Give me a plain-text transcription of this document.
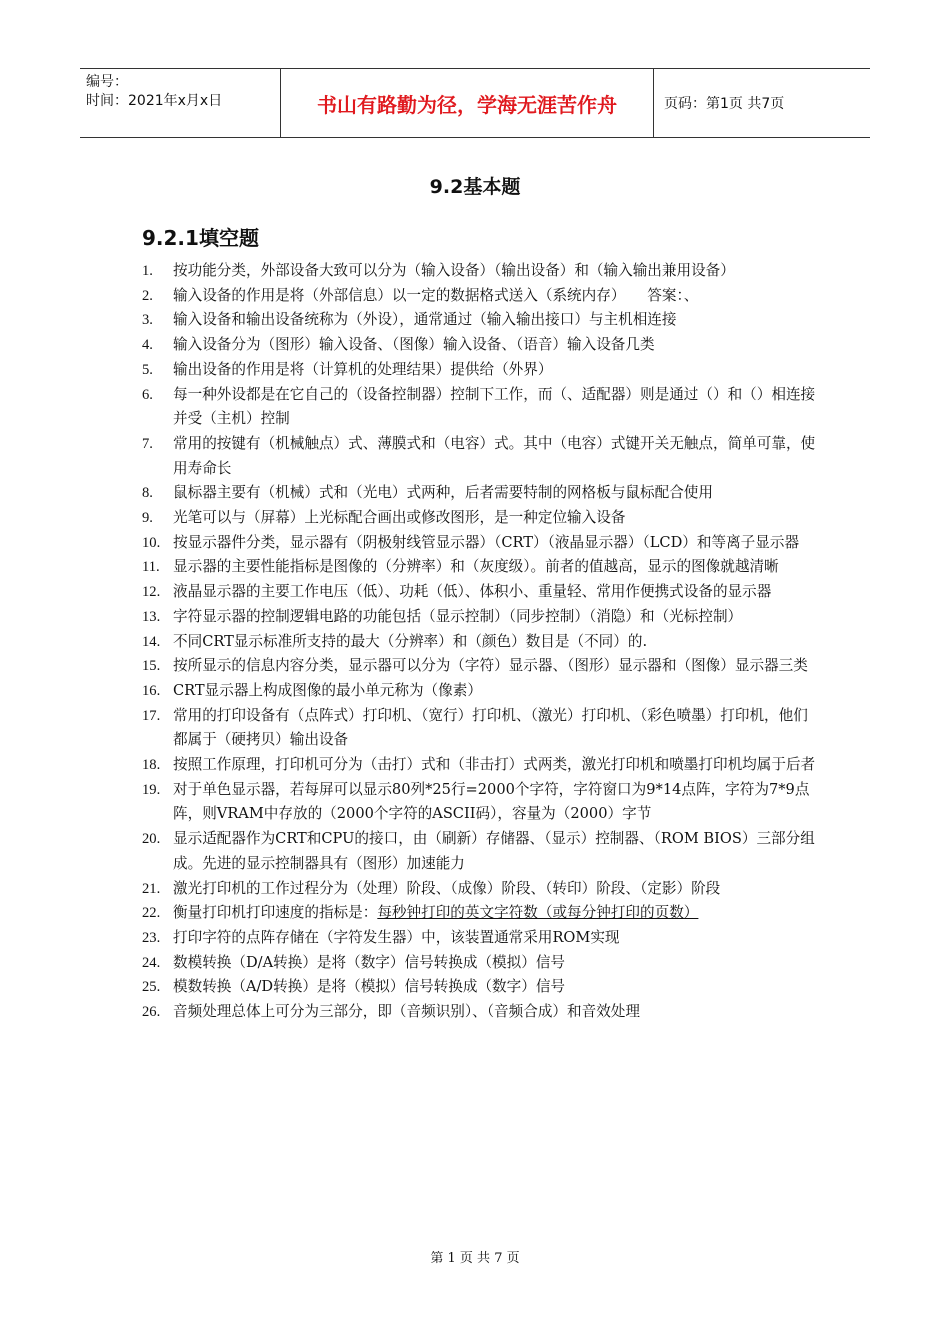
编号：
时间：2021年x月x日	书山有路勤为径，学海无涯苦作舟	页码：第1页 共7页
9.2基本题
9.2.1填空题
1.	按功能分类，外部设备大致可以分为（输入设备）（输出设备）和（输入输出兼用设备）
2.	输入设备的作用是将（外部信息）以一定的数据格式送入（系统内存）　　答案：、
3.	输入设备和输出设备统称为（外设），通常通过（输入输出接口）与主机相连接
4.	输入设备分为（图形）输入设备、（图像）输入设备、（语音）输入设备几类
5.	输出设备的作用是将（计算机的处理结果）提供给（外界）
6.	每一种外设都是在它自己的（设备控制器）控制下工作，而（、适配器）则是通过（）和（）相连接并受（主机）控制
7.	常用的按键有（机械触点）式、薄膜式和（电容）式。其中（电容）式键开关无触点，简单可靠，使用寿命长
8.	鼠标器主要有（机械）式和（光电）式两种，后者需要特制的网格板与鼠标配合使用
9.	光笔可以与（屏幕）上光标配合画出或修改图形，是一种定位输入设备
10. 按显示器件分类，显示器有（阴极射线管显示器）（CRT）（液晶显示器）（LCD）和等离子显示器
11. 显示器的主要性能指标是图像的（分辨率）和（灰度级）。前者的值越高，显示的图像就越清晰
12. 液晶显示器的主要工作电压（低）、功耗（低）、体积小、重量轻、常用作便携式设备的显示器
13. 字符显示器的控制逻辑电路的功能包括（显示控制）（同步控制）（消隐）和（光标控制）
14. 不同CRT显示标准所支持的最大（分辨率）和（颜色）数目是（不同）的.
15. 按所显示的信息内容分类，显示器可以分为（字符）显示器、（图形）显示器和（图像）显示器三类
16. CRT显示器上构成图像的最小单元称为（像素）
17. 常用的打印设备有（点阵式）打印机、（宽行）打印机、（激光）打印机、（彩色喷墨）打印机，他们都属于（硬拷贝）输出设备
18. 按照工作原理，打印机可分为（击打）式和（非击打）式两类，激光打印机和喷墨打印机均属于后者
19. 对于单色显示器，若每屏可以显示80列*25行=2000个字符，字符窗口为9*14点阵，字符为7*9点阵，则VRAM中存放的（2000个字符的ASCII码），容量为（2000）字节
20. 显示适配器作为CRT和CPU的接口，由（刷新）存储器、（显示）控制器、（ROM BIOS）三部分组成。先进的显示控制器具有（图形）加速能力
21. 激光打印机的工作过程分为（处理）阶段、（成像）阶段、（转印）阶段、（定影）阶段
22. 衡量打印机打印速度的指标是：每秒钟打印的英文字符数（或每分钟打印的页数）
23. 打印字符的点阵存储在（字符发生器）中，该装置通常采用ROM实现
24. 数模转换（D/A转换）是将（数字）信号转换成（模拟）信号
25. 模数转换（A/D转换）是将（模拟）信号转换成（数字）信号
26. 音频处理总体上可分为三部分，即（音频识别）、（音频合成）和音效处理
第 1 页 共 7 页
